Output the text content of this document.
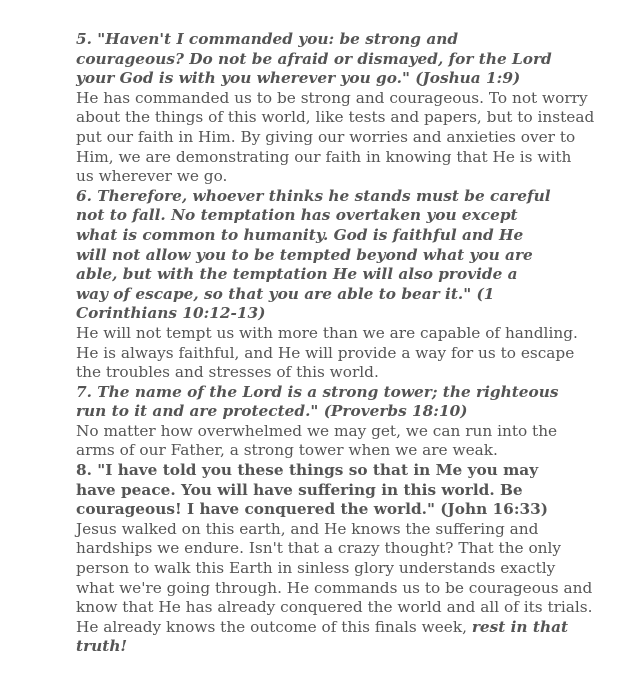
5. "Haven't I commanded you: be strong and
courageous? Do not be afraid or dismayed, for the Lord
your God is with you wherever you go." (Joshua 1:9)
He has commanded us to be strong and courageous. To not worry
about the things of this world, like tests and papers, but to instead
put our faith in Him. By giving our worries and anxieties over to
Him, we are demonstrating our faith in knowing that He is with
us wherever we go.
6. Therefore, whoever thinks he stands must be careful
not to fall. No temptation has overtaken you except
what is common to humanity. God is faithful and He
will not allow you to be tempted beyond what you are
able, but with the temptation He will also provide a
way of escape, so that you are able to bear it." (1
Corinthians 10:12-13)
He will not tempt us with more than we are capable of handling.
He is always faithful, and He will provide a way for us to escape
the troubles and stresses of this world.
7. The name of the Lord is a strong tower; the righteous
run to it and are protected." (Proverbs 18:10)
No matter how overwhelmed we may get, we can run into the
arms of our Father, a strong tower when we are weak.
8. "I have told you these things so that in Me you may
have peace. You will have suffering in this world. Be
courageous! I have conquered the world." (John 16:33)
Jesus walked on this earth, and He knows the suffering and
hardships we endure. Isn't that a crazy thought? That the only
person to walk this Earth in sinless glory understands exactly
what we're going through. He commands us to be courageous and
know that He has already conquered the world and all of its trials.
He already knows the outcome of this finals week, rest in that
truth!
